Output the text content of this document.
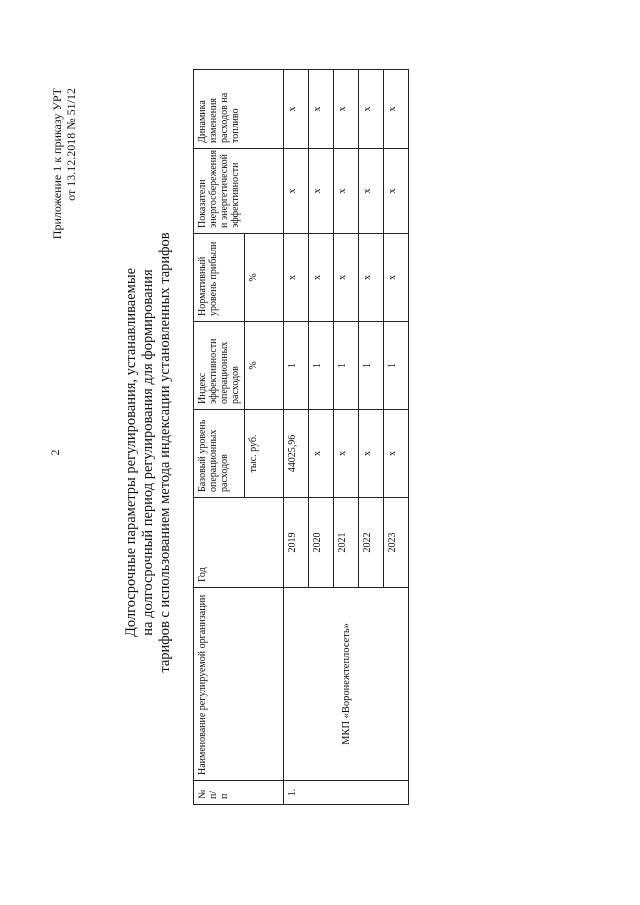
2
Приложение 1 к приказу УРТ от 13.12.2018 № 51/12
Долгосрочные параметры регулирования, устанавливаемые на долгосрочный период регулирования для формирования тарифов с использованием метода индексации установленных тарифов
№ п/ п	Наименование регулируемой организации	Год	Базовый уровень операционных расходов	Индекс эффективности операционных расходов	Нормативный уровень прибыли	Показатели энергосбережения и энергетической эффективности	Динамика изменения расходов на топливо
			тыс. руб.	%	%		
1.	МКП «Воронежтеплосеть»	2019	44025,96	1	х	х	х
		2020	х	1	х	х	х
		2021	х	1	х	х	х
		2022	х	1	х	х	х
		2023	х	1	х	х	х
